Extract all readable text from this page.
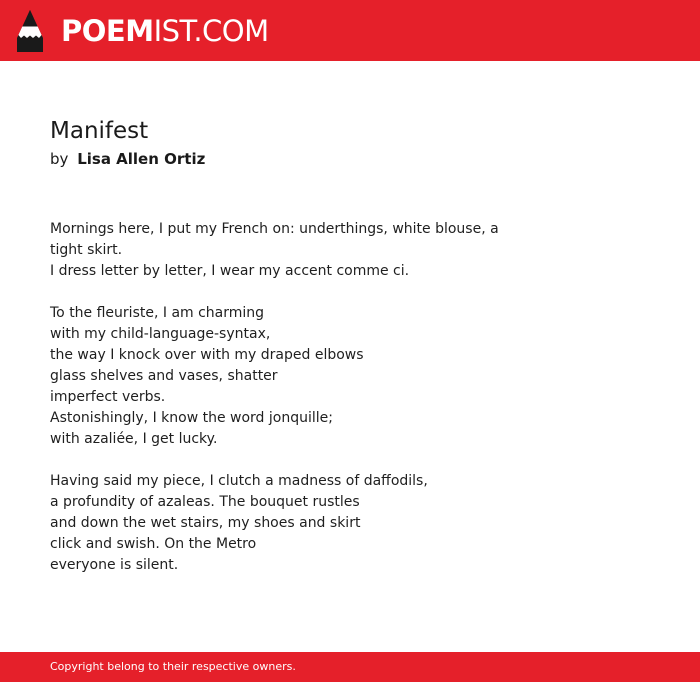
POEMIST.COM
Manifest
by Lisa Allen Ortiz
Mornings here, I put my French on: underthings, white blouse, a tight skirt.
I dress letter by letter, I wear my accent comme ci.
To the fleuriste, I am charming
with my child-language-syntax,
the way I knock over with my draped elbows
glass shelves and vases, shatter
imperfect verbs.
Astonishingly, I know the word jonquille;
with azaliée, I get lucky.
Having said my piece, I clutch a madness of daffodils,
a profundity of azaleas. The bouquet rustles
and down the wet stairs, my shoes and skirt
click and swish. On the Metro
everyone is silent.
Copyright belong to their respective owners.
